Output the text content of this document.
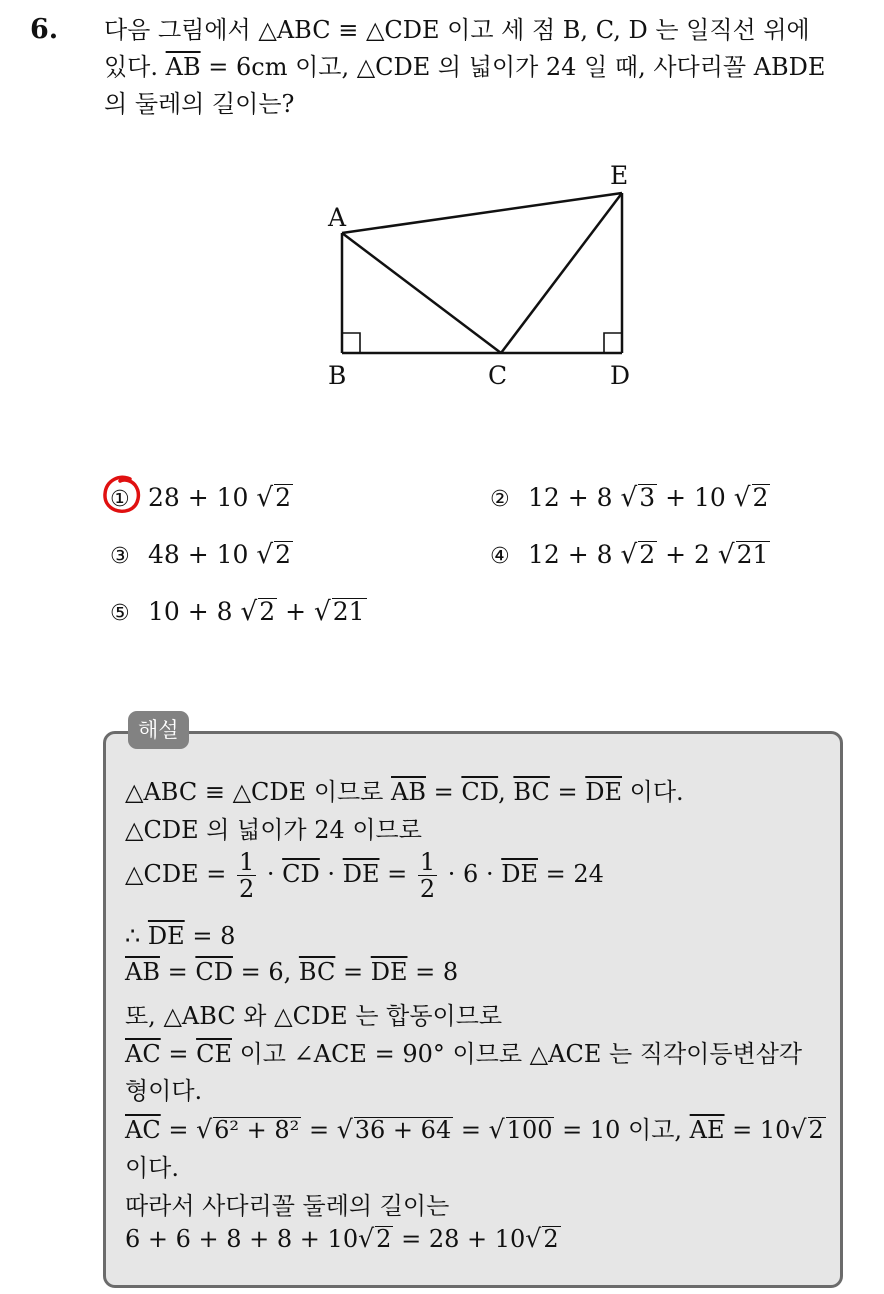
6. 다음 그림에서 △ABC ≡ △CDE 이고 세 점 B, C, D 는 일직선 위에
있다. $\overline{AB} = 6cm$ 이고, △CDE 의 넓이가 24 일 때, 사다리꼴 ABDE
의 둘레의 길이는?
A
B	C	D
E
① 28 + 10 √2	② 12 + 8 √3 + 10 √2
③ 48 + 10 √2	④ 12 + 8 √2 + 2 √21
⑤ 10 + 8 √2 + √21
해설
△ABC ≡ △CDE 이므로 $\overline{AB} = \overline{CD}$, $\overline{BC} = \overline{DE}$ 이다.
△CDE 의 넓이가 24 이므로
△CDE = $\frac{1}{2} \cdot \overline{CD} \cdot \overline{DE} = \frac{1}{2} \cdot 6 \cdot \overline{DE} = 24$
∴ $\overline{DE} = 8$
$\overline{AB} = \overline{CD} = 6$, $\overline{BC} = \overline{DE} = 8$
또, △ABC 와 △CDE 는 합동이므로
$\overline{AC} = \overline{CE}$ 이고 ∠ACE = 90° 이므로 △ACE 는 직각이등변삼각
형이다.
$\overline{AC} = √6^2 + 8^2 = √36 + 64 = √100 = 10$ 이고, $\overline{AE} = 10√2$
이다.
따라서 사다리꼴 둘레의 길이는
6 + 6 + 8 + 8 + 10√2 = 28 + 10√2
